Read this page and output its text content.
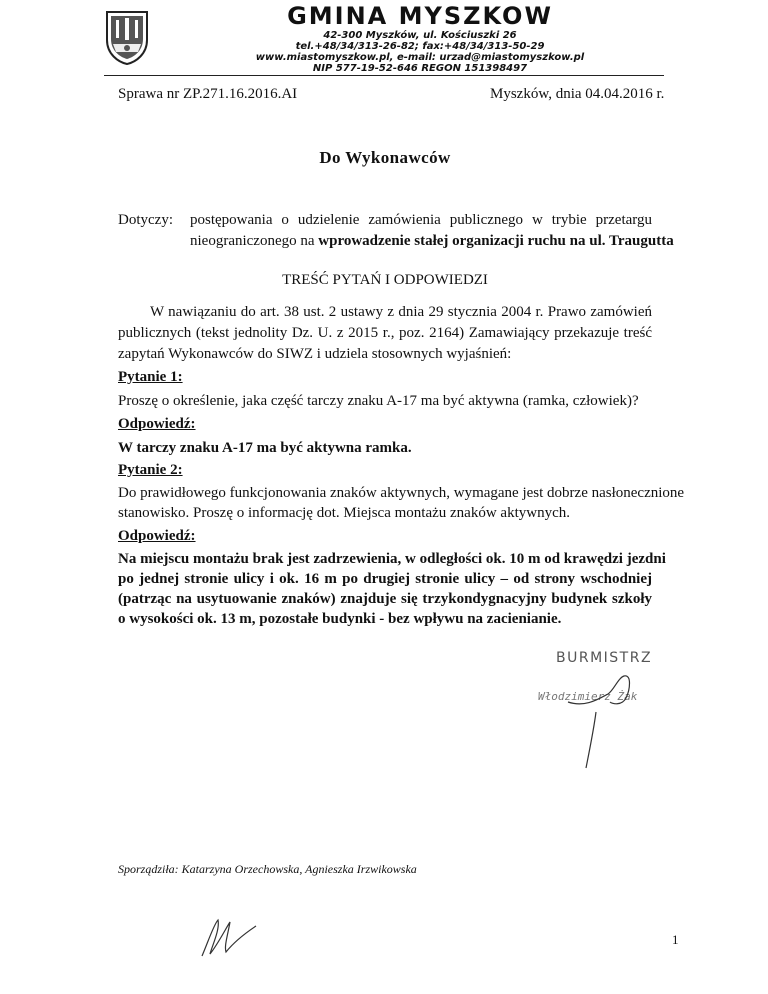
GMINA MYSZKOW
42-300 Myszków, ul. Kościuszki 26
tel.+48/34/313-26-82; fax:+48/34/313-50-29
www.miastomyszkow.pl, e-mail: urzad@miastomyszkow.pl
NIP 577-19-52-646 REGON 151398497
Sprawa nr ZP.271.16.2016.AI	Myszków, dnia 04.04.2016 r.
Do Wykonawców
Dotyczy: postępowania o udzielenie zamówienia publicznego w trybie przetargu
nieograniczonego na wprowadzenie stałej organizacji ruchu na ul. Traugutta
TREŚĆ PYTAŃ I ODPOWIEDZI
W nawiązaniu do art. 38 ust. 2 ustawy z dnia 29 stycznia 2004 r. Prawo zamówień
publicznych (tekst jednolity Dz. U. z 2015 r., poz. 2164) Zamawiający przekazuje treść
zapytań Wykonawców do SIWZ i udziela stosownych wyjaśnień:
Pytanie 1:
Proszę o określenie, jaka część tarczy znaku A-17 ma być aktywna (ramka, człowiek)?
Odpowiedź:
W tarczy znaku A-17 ma być aktywna ramka.
Pytanie 2:
Do prawidłowego funkcjonowania znaków aktywnych, wymagane jest dobrze nasłonecznione
stanowisko. Proszę o informację dot. Miejsca montażu znaków aktywnych.
Odpowiedź:
Na miejscu montażu brak jest zadrzewienia, w odległości ok. 10 m od krawędzi jezdni
po jednej stronie ulicy i ok. 16 m po drugiej stronie ulicy – od strony wschodniej
(patrząc na usytuowanie znaków) znajduje się trzykondygnacyjny budynek szkoły
o wysokości ok. 13 m, pozostałe budynki - bez wpływu na zacienianie.
BURMISTRZ
Włodzimierz Żak
Sporządziła: Katarzyna Orzechowska, Agnieszka Irzwikowska
1
